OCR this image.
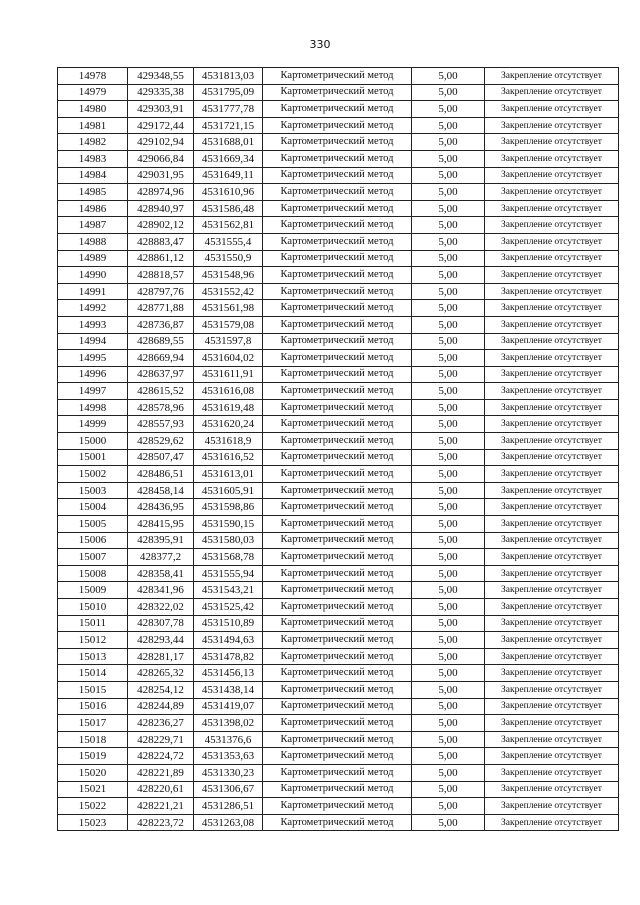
330
14978	429348,55	4531813,03	Картометрический метод	5,00	Закрепление отсутствует
14979	429335,38	4531795,09	Картометрический метод	5,00	Закрепление отсутствует
14980	429303,91	4531777,78	Картометрический метод	5,00	Закрепление отсутствует
14981	429172,44	4531721,15	Картометрический метод	5,00	Закрепление отсутствует
14982	429102,94	4531688,01	Картометрический метод	5,00	Закрепление отсутствует
14983	429066,84	4531669,34	Картометрический метод	5,00	Закрепление отсутствует
14984	429031,95	4531649,11	Картометрический метод	5,00	Закрепление отсутствует
14985	428974,96	4531610,96	Картометрический метод	5,00	Закрепление отсутствует
14986	428940,97	4531586,48	Картометрический метод	5,00	Закрепление отсутствует
14987	428902,12	4531562,81	Картометрический метод	5,00	Закрепление отсутствует
14988	428883,47	4531555,4	Картометрический метод	5,00	Закрепление отсутствует
14989	428861,12	4531550,9	Картометрический метод	5,00	Закрепление отсутствует
14990	428818,57	4531548,96	Картометрический метод	5,00	Закрепление отсутствует
14991	428797,76	4531552,42	Картометрический метод	5,00	Закрепление отсутствует
14992	428771,88	4531561,98	Картометрический метод	5,00	Закрепление отсутствует
14993	428736,87	4531579,08	Картометрический метод	5,00	Закрепление отсутствует
14994	428689,55	4531597,8	Картометрический метод	5,00	Закрепление отсутствует
14995	428669,94	4531604,02	Картометрический метод	5,00	Закрепление отсутствует
14996	428637,97	4531611,91	Картометрический метод	5,00	Закрепление отсутствует
14997	428615,52	4531616,08	Картометрический метод	5,00	Закрепление отсутствует
14998	428578,96	4531619,48	Картометрический метод	5,00	Закрепление отсутствует
14999	428557,93	4531620,24	Картометрический метод	5,00	Закрепление отсутствует
15000	428529,62	4531618,9	Картометрический метод	5,00	Закрепление отсутствует
15001	428507,47	4531616,52	Картометрический метод	5,00	Закрепление отсутствует
15002	428486,51	4531613,01	Картометрический метод	5,00	Закрепление отсутствует
15003	428458,14	4531605,91	Картометрический метод	5,00	Закрепление отсутствует
15004	428436,95	4531598,86	Картометрический метод	5,00	Закрепление отсутствует
15005	428415,95	4531590,15	Картометрический метод	5,00	Закрепление отсутствует
15006	428395,91	4531580,03	Картометрический метод	5,00	Закрепление отсутствует
15007	428377,2	4531568,78	Картометрический метод	5,00	Закрепление отсутствует
15008	428358,41	4531555,94	Картометрический метод	5,00	Закрепление отсутствует
15009	428341,96	4531543,21	Картометрический метод	5,00	Закрепление отсутствует
15010	428322,02	4531525,42	Картометрический метод	5,00	Закрепление отсутствует
15011	428307,78	4531510,89	Картометрический метод	5,00	Закрепление отсутствует
15012	428293,44	4531494,63	Картометрический метод	5,00	Закрепление отсутствует
15013	428281,17	4531478,82	Картометрический метод	5,00	Закрепление отсутствует
15014	428265,32	4531456,13	Картометрический метод	5,00	Закрепление отсутствует
15015	428254,12	4531438,14	Картометрический метод	5,00	Закрепление отсутствует
15016	428244,89	4531419,07	Картометрический метод	5,00	Закрепление отсутствует
15017	428236,27	4531398,02	Картометрический метод	5,00	Закрепление отсутствует
15018	428229,71	4531376,6	Картометрический метод	5,00	Закрепление отсутствует
15019	428224,72	4531353,63	Картометрический метод	5,00	Закрепление отсутствует
15020	428221,89	4531330,23	Картометрический метод	5,00	Закрепление отсутствует
15021	428220,61	4531306,67	Картометрический метод	5,00	Закрепление отсутствует
15022	428221,21	4531286,51	Картометрический метод	5,00	Закрепление отсутствует
15023	428223,72	4531263,08	Картометрический метод	5,00	Закрепление отсутствует
